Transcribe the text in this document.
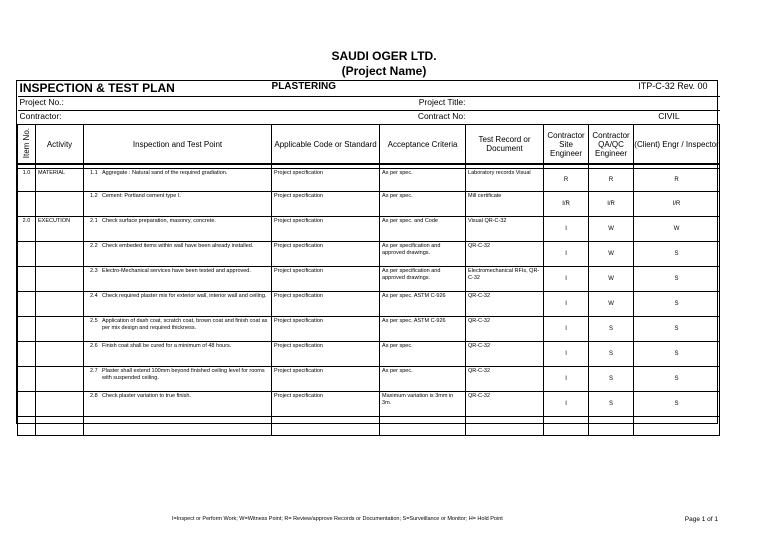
SAUDI OGER LTD.
(Project Name)
INSPECTION & TEST PLAN			PLASTERING			ITP-C-32 Rev. 00		
Project No.:			Project Title:					
Contractor:			Contract No:		CIVIL			
Item No.	Activity	Inspection and Test Point	Applicable Code or Standard	Acceptance Criteria	Test Record or Document	Contractor Site Engineer	Contractor QA/QC Engineer	(Client) Engr / Inspector

1.0	MATERIAL	1.1 Aggregate : Natural sand of the required gradiation.	Project specification	As per spec.	Laboratory records Visual	R	R	R

		1.2 Cement: Portland cement type I.	Project specification	As per spec.	Mill certificate	I/R	I/R	I/R
2.0	EXECUTION	2.1 Check surface preparation, masonry, concrete.	Project specification	As per spec. and Code	Visual QR-C-32	I	W	W

		2.2 Check embeded items within wall have been already installed.	Project specification	As per specification and approved drawings.	QR-C-32	I	W	S

		2.3 Electro-Mechanical services have been tested and approved.	Project specification	As per specification and approved drawings.	Electromechanical RFIs, QR-C-32	I	W	S

		2.4 Check required plaster mix for exterior wall, interior wall and ceiling.	Project specification	As per spec. ASTM C-926	QR-C-32	I	W	S

		2.5 Application of dash coat, scratch coat, brown coat and finish coat as per mix design and required thickness.	Project specification	As per spec. ASTM C-926	QR-C-32	I	S	S

		2.6 Finish coat shall be cured for a minimum of 48 hours.	Project specification	As per spec.	QR-C-32	I	S	S

		2.7 Plaster shall extend 100mm beyond finished ceiling level for rooms with suspended ceiling.	Project specification	As per spec.	QR-C-32	I	S	S

		2.8 Check plaster variation to true finish.	Project specification	Maximum variation is 3mm in 3m.	QR-C-32	I	S	S

I=Inspect or Perform Work; W=Witness Point; R= Review/approve Records or Documentation; S=Surveillance or Monitor; H= Hold Point	Page 1 of 1
